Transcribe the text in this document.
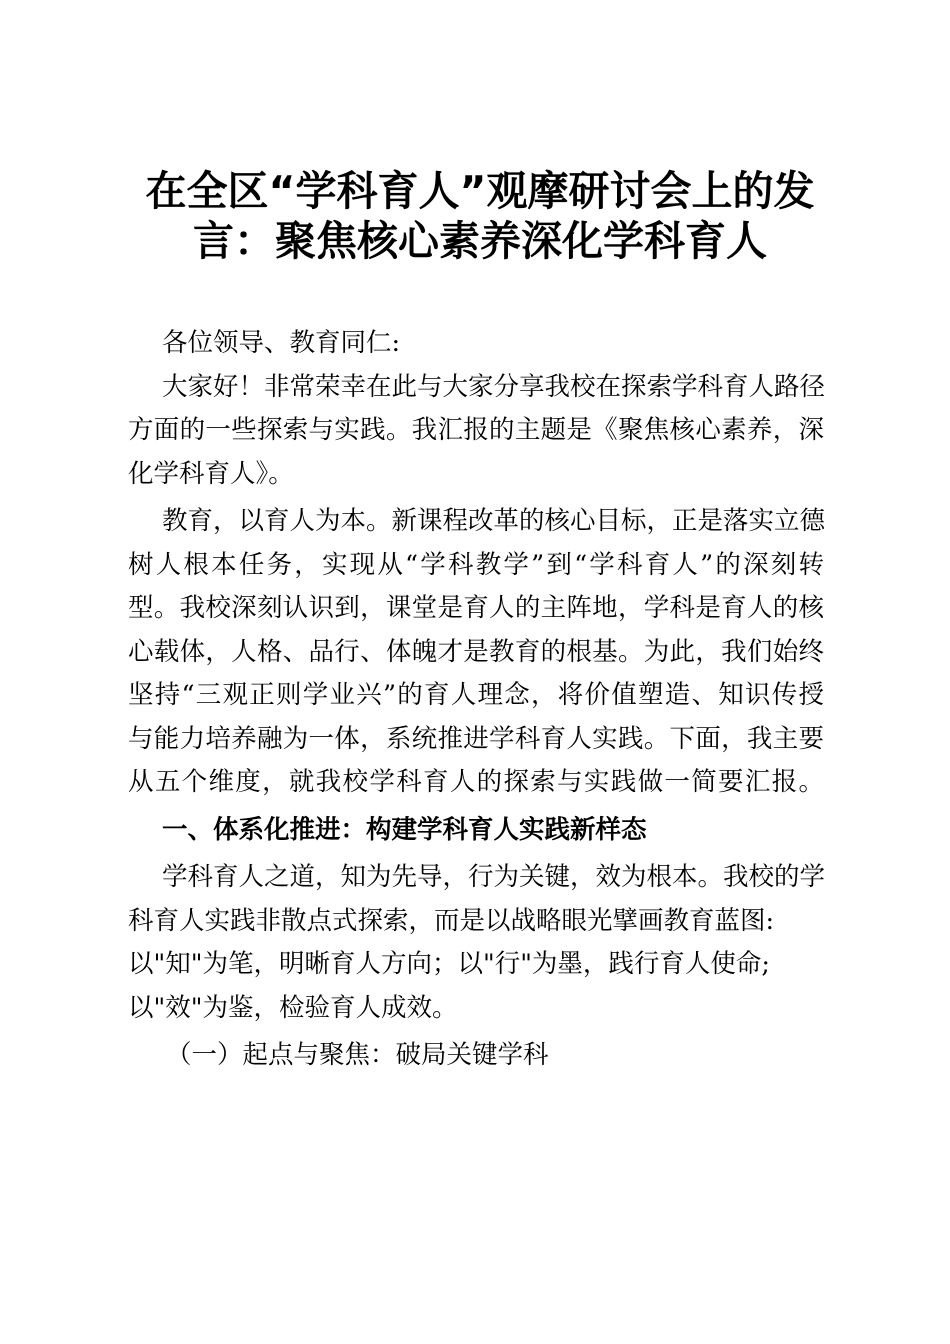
在全区“学科育人”观摩研讨会上的发
言：聚焦核心素养深化学科育人
各位领导、教育同仁:
大家好！非常荣幸在此与大家分享我校在探索学科育人路径
方面的一些探索与实践。我汇报的主题是《聚焦核心素养，深
化学科育人》。
教育，以育人为本。新课程改革的核心目标，正是落实立德
树人根本任务，实现从“学科教学”到“学科育人”的深刻转
型。我校深刻认识到，课堂是育人的主阵地，学科是育人的核
心载体，人格、品行、体魄才是教育的根基。为此，我们始终
坚持“三观正则学业兴”的育人理念，将价值塑造、知识传授
与能力培养融为一体，系统推进学科育人实践。下面，我主要
从五个维度，就我校学科育人的探索与实践做一简要汇报。
一、体系化推进：构建学科育人实践新样态
学科育人之道，知为先导，行为关键，效为根本。我校的学
科育人实践非散点式探索，而是以战略眼光擘画教育蓝图:
以"知"为笔，明晰育人方向；以"行"为墨，践行育人使命;
以"效"为鉴，检验育人成效。
（一）起点与聚焦：破局关键学科
